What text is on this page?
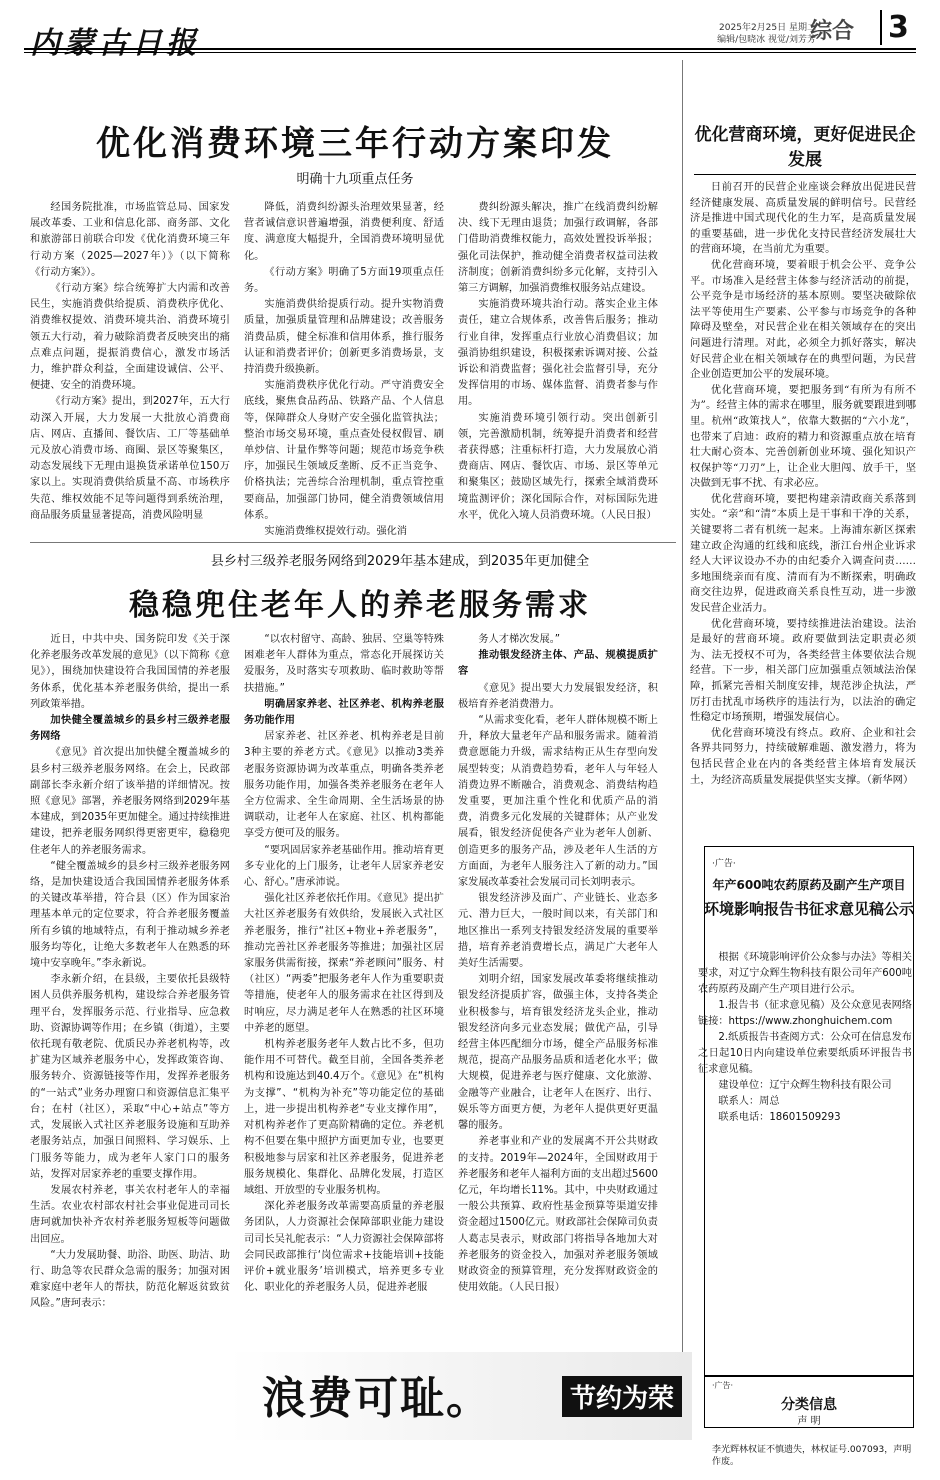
内蒙古日报	2025年2月25日 星期二
编辑/包晓冰 视觉/刘芳芳
综合 3
优化消费环境三年行动方案印发
明确十九项重点任务

经国务院批准，市场监管总局、国家发展改革委、工业和信息化部、商务部、文化和旅游部日前联合印发《优化消费环境三年行动方案（2025—2027年）》（以下简称《行动方案》）。

《行动方案》综合统筹扩大内需和改善民生，实施消费供给提质、消费秩序优化、消费维权提效、消费环境共治、消费环境引领五大行动，着力破除消费者反映突出的痛点难点问题，提振消费信心，激发市场活力，维护群众利益，全面建设诚信、公平、便捷、安全的消费环境。

《行动方案》提出，到2027年，五大行动深入开展，大力发展一大批放心消费商店、网店、直播间、餐饮店、工厂等基础单元及放心消费市场、商圈、景区等聚集区，动态发展线下无理由退换货承诺单位150万家以上。实现消费供给质量不高、市场秩序失范、维权效能不足等问题得到系统治理，商品服务质量显著提高，消费风险明显

降低，消费纠纷源头治理效果显著，经营者诚信意识普遍增强，消费便利度、舒适度、满意度大幅提升，全国消费环境明显优化。

《行动方案》明确了5方面19项重点任务。

实施消费供给提质行动。提升实物消费质量，加强质量管理和品牌建设；改善服务消费品质，健全标准和信用体系，推行服务认证和消费者评价；创新更多消费场景，支持消费升级换新。

实施消费秩序优化行动。严守消费安全底线，聚焦食品药品、铁路产品、个人信息等，保障群众人身财产安全强化监管执法；整治市场交易环境，重点查处侵权假冒、刷单炒信、计量作弊等问题；规范市场竞争秩序，加强民生领域反垄断、反不正当竞争、价格执法；完善综合治理机制，重点管控重要商品，加强部门协同，健全消费领域信用体系。

实施消费维权提效行动。强化消

费纠纷源头解决，推广在线消费纠纷解决、线下无理由退货；加强行政调解，各部门借助消费维权能力，高效处置投诉举报；强化司法保护，推动健全消费者权益司法救济制度；创新消费纠纷多元化解，支持引入第三方调解，加强消费维权服务站点建设。

实施消费环境共治行动。落实企业主体责任，建立合规体系，改善售后服务；推动行业自律，发挥重点行业放心消费倡议；加强消协组织建设，积极探索诉调对接、公益诉讼和消费监督；强化社会监督引导，充分发挥信用的市场、媒体监督、消费者参与作用。

实施消费环境引领行动。突出创新引领，完善激励机制，统筹提升消费者和经营者获得感；注重标杆打造，大力发展放心消费商店、网店、餐饮店、市场、景区等单元和聚集区；鼓励区域先行，探索全域消费环境监测评价；深化国际合作，对标国际先进水平，优化入境人员消费环境。（人民日报）

优化营商环境，更好促进民企发展

日前召开的民营企业座谈会释放出促进民营经济健康发展、高质量发展的鲜明信号。民营经济是推进中国式现代化的生力军，是高质量发展的重要基础，进一步优化支持民营经济发展壮大的营商环境，在当前尤为重要。

优化营商环境，要着眼于机会公平、竞争公平。市场准入是经营主体参与经济活动的前提，公平竞争是市场经济的基本原则。要坚决破除依法平等使用生产要素、公平参与市场竞争的各种障碍及壁垒，对民营企业在相关领域存在的突出问题进行清理。对此，必须全力抓好落实，解决好民营企业在相关领域存在的典型问题，为民营企业创造更加公平的发展环境。

优化营商环境，要把服务到“有所为有所不为”。经营主体的需求在哪里，服务就要跟进到哪里。杭州“政策找人”，依靠大数据的“六小龙”，也带来了启迪：政府的精力和资源重点放在培育壮大耐心资本、完善创新创业环境、强化知识产权保护等“刀刃”上，让企业大胆闯、放手干，坚决做到无事不扰、有求必应。

优化营商环境，要把构建亲清政商关系落到实处。“亲”和“清”本质上是干事和干净的关系，关键要将二者有机统一起来。上海浦东新区探索建立政企沟通的红线和底线，浙江台州企业诉求经人大评议设办不办的由纪委介入调查问责……多地围绕亲而有度、清而有为不断探索，明确政商交往边界，促进政商关系良性互动，进一步激发民营企业活力。

优化营商环境，要持续推进法治建设。法治是最好的营商环境。政府要做到法定职责必须为、法无授权不可为，各类经营主体要依法合规经营。下一步，相关部门应加强重点领域法治保障，抓紧完善相关制度安排，规范涉企执法，严厉打击扰乱市场秩序的违法行为，以法治的确定性稳定市场预期，增强发展信心。

优化营商环境没有终点。政府、企业和社会各界共同努力，持续破解难题、激发潜力，将为包括民营企业在内的各类经营主体培育发展沃土，为经济高质量发展提供坚实支撑。（新华网）

县乡村三级养老服务网络到2029年基本建成，到2035年更加健全
稳稳兜住老年人的养老服务需求

近日，中共中央、国务院印发《关于深化养老服务改革发展的意见》（以下简称《意见》），围绕加快建设符合我国国情的养老服务体系，优化基本养老服务供给，提出一系列政策举措。

加快健全覆盖城乡的县乡村三级养老服务网络

《意见》首次提出加快健全覆盖城乡的县乡村三级养老服务网络。在会上，民政部副部长李永新介绍了该举措的详细情况。按照《意见》部署，养老服务网络到2029年基本建成，到2035年更加健全。通过持续推进建设，把养老服务网织得更密更牢，稳稳兜住老年人的养老服务需求。

“健全覆盖城乡的县乡村三级养老服务网络，是加快建设适合我国国情养老服务体系的关键改革举措，符合县（区）作为国家治理基本单元的定位要求，符合养老服务覆盖所有乡镇的地域特点，有利于推动城乡养老服务均等化，让绝大多数老年人在熟悉的环境中安享晚年。”李永新说。

李永新介绍，在县级，主要依托县级特困人员供养服务机构，建设综合养老服务管理平台，发挥服务示范、行业指导、应急救助、资源协调等作用；在乡镇（街道），主要依托现有敬老院、优质民办养老机构等，改扩建为区域养老服务中心，发挥政策咨询、服务转介、资源链接等作用，发挥养老服务的“一站式”业务办理窗口和资源信息汇集平台；在村（社区），采取“中心+站点”等方式，发展嵌入式社区养老服务设施和互助养老服务站点，加强日间照料、学习娱乐、上门服务等能力，成为老年人家门口的服务站，发挥对居家养老的重要支撑作用。

发展农村养老，事关农村老年人的幸福生活。农业农村部农村社会事业促进司司长唐珂就加快补齐农村养老服务短板等问题做出回应。

“大力发展助餐、助浴、助医、助洁、助行、助急等农民群众急需的服务；加强对困难家庭中老年人的帮扶，防范化解返贫致贫风险。”唐珂表示：

“以农村留守、高龄、独居、空巢等特殊困难老年人群体为重点，常态化开展探访关爱服务，及时落实专项救助、临时救助等帮扶措施。”

明确居家养老、社区养老、机构养老服务功能作用

居家养老、社区养老、机构养老是目前3种主要的养老方式。《意见》以推动3类养老服务资源协调为改革重点，明确各类养老服务功能作用，加强各类养老服务在老年人全方位需求、全生命周期、全生活场景的协调联动，让老年人在家庭、社区、机构都能享受方便可及的服务。

“要巩固居家养老基础作用。推动培育更多专业化的上门服务，让老年人居家养老安心、舒心。”唐承沛说。

强化社区养老依托作用。《意见》提出扩大社区养老服务有效供给，发展嵌入式社区养老服务，推行“社区+物业+养老服务”，推动完善社区养老服务等推进；加强社区居家服务供需衔接，探索“养老顾问”服务、村（社区）“两委”把服务老年人作为重要职责等措施，使老年人的服务需求在社区得到及时响应，尽力满足老年人在熟悉的社区环境中养老的愿望。

机构养老服务老年人数占比不多，但功能作用不可替代。截至目前，全国各类养老机构和设施达到40.4万个。《意见》在“机构为支撑”、“机构为补充”等功能定位的基础上，进一步提出机构养老“专业支撑作用”，对机构养老作了更高阶精确的定位。养老机构不但要在集中照护方面更加专业，也要更积极地参与居家和社区养老服务，促进养老服务规模化、集群化、品牌化发展，打造区域组、开放型的专业服务机构。

深化养老服务改革需要高质量的养老服务团队，人力资源社会保障部职业能力建设司司长吴礼舵表示：“人力资源社会保障部将会同民政部推行‘岗位需求+技能培训+技能评价+就业服务’培训模式，培养更多专业化、职业化的养老服务人员，促进养老服

务人才梯次发展。”

推动银发经济主体、产品、规模提质扩容

《意见》提出要大力发展银发经济，积极培育养老消费潜力。

“从需求变化看，老年人群体规模不断上升，释放大量老年产品和服务需求。随着消费意愿能力升级，需求结构正从生存型向发展型转变；从消费趋势看，老年人与年轻人消费边界不断融合，消费观念、消费结构趋发重要，更加注重个性化和优质产品的消费，消费多元化发展的关键群体；从产业发展看，银发经济促使各产业为老年人创新、创造更多的服务产品，涉及老年人生活的方方面面，为老年人服务注入了新的动力。”国家发展改革委社会发展司司长刘明表示。

银发经济涉及面广、产业链长、业态多元、潜力巨大，一般时间以来，有关部门和地区推出一系列支持银发经济发展的重要举措，培育养老消费增长点，满足广大老年人美好生活需要。

刘明介绍，国家发展改革委将继续推动银发经济提质扩容，做强主体，支持各类企业积极参与，培育银发经济龙头企业，推动银发经济向多元业态发展；做优产品，引导经营主体匹配细分市场，健全产品服务标准规范，提高产品服务品质和适老化水平；做大规模，促进养老与医疗健康、文化旅游、金融等产业融合，让老年人在医疗、出行、娱乐等方面更方便，为老年人提供更好更温馨的服务。

养老事业和产业的发展离不开公共财政的支持。2019年—2024年，全国财政用于养老服务和老年人福利方面的支出超过5600亿元，年均增长11%。其中，中央财政通过一般公共预算、政府性基金预算等渠道安排资金超过1500亿元。财政部社会保障司负责人葛志昊表示，财政部门将指导各地加大对养老服务的资金投入，加强对养老服务领域财政资金的预算管理，充分发挥财政资金的使用效能。（人民日报）

·广告·
年产600吨农药原药及副产生产项目
环境影响报告书征求意见稿公示

根据《环境影响评价公众参与办法》等相关要求，对辽宁众辉生物科技有限公司年产600吨农药原药及副产生产项目进行公示。

1.报告书（征求意见稿）及公众意见表网络链接：https://www.zhonghuichem.com

2.纸质报告书查阅方式：公众可在信息发布之日起10日内向建设单位索要纸质环评报告书征求意见稿。

建设单位：辽宁众辉生物科技有限公司

联系人：周总

联系电话：18601509293

·广告·
分类信息
声 明
李光辉林权证不慎遗失，林权证号.007093，声明作废。
浪费可耻。	节约为荣
